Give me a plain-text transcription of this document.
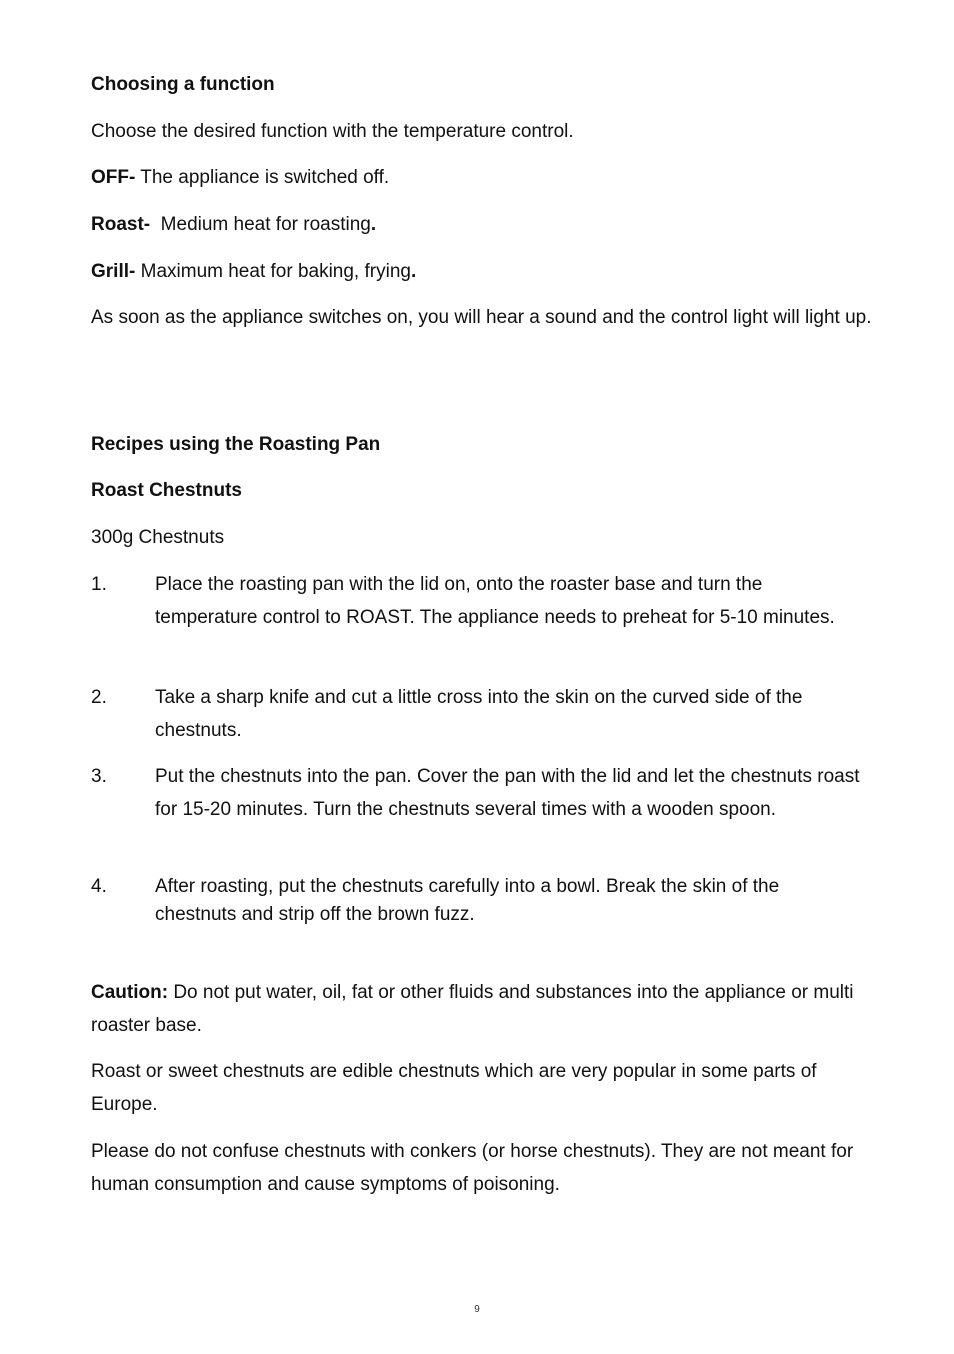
Choosing a function

Choose the desired function with the temperature control.

OFF- The appliance is switched off.

Roast-  Medium heat for roasting.

Grill- Maximum heat for baking, frying.

As soon as the appliance switches on, you will hear a sound and the control light will light up.

Recipes using the Roasting Pan

Roast Chestnuts

300g Chestnuts

1.	Place the roasting pan with the lid on, onto the roaster base and turn the temperature control to ROAST. The appliance needs to preheat for 5-10 minutes.
2.	Take a sharp knife and cut a little cross into the skin on the curved side of the chestnuts.
3.	Put the chestnuts into the pan. Cover the pan with the lid and let the chestnuts roast for 15-20 minutes. Turn the chestnuts several times with a wooden spoon.
4.	After roasting, put the chestnuts carefully into a bowl. Break the skin of the chestnuts and strip off the brown fuzz.

Caution: Do not put water, oil, fat or other fluids and substances into the appliance or multi roaster base.

Roast or sweet chestnuts are edible chestnuts which are very popular in some parts of Europe.

Please do not confuse chestnuts with conkers (or horse chestnuts). They are not meant for human consumption and cause symptoms of poisoning.

9
